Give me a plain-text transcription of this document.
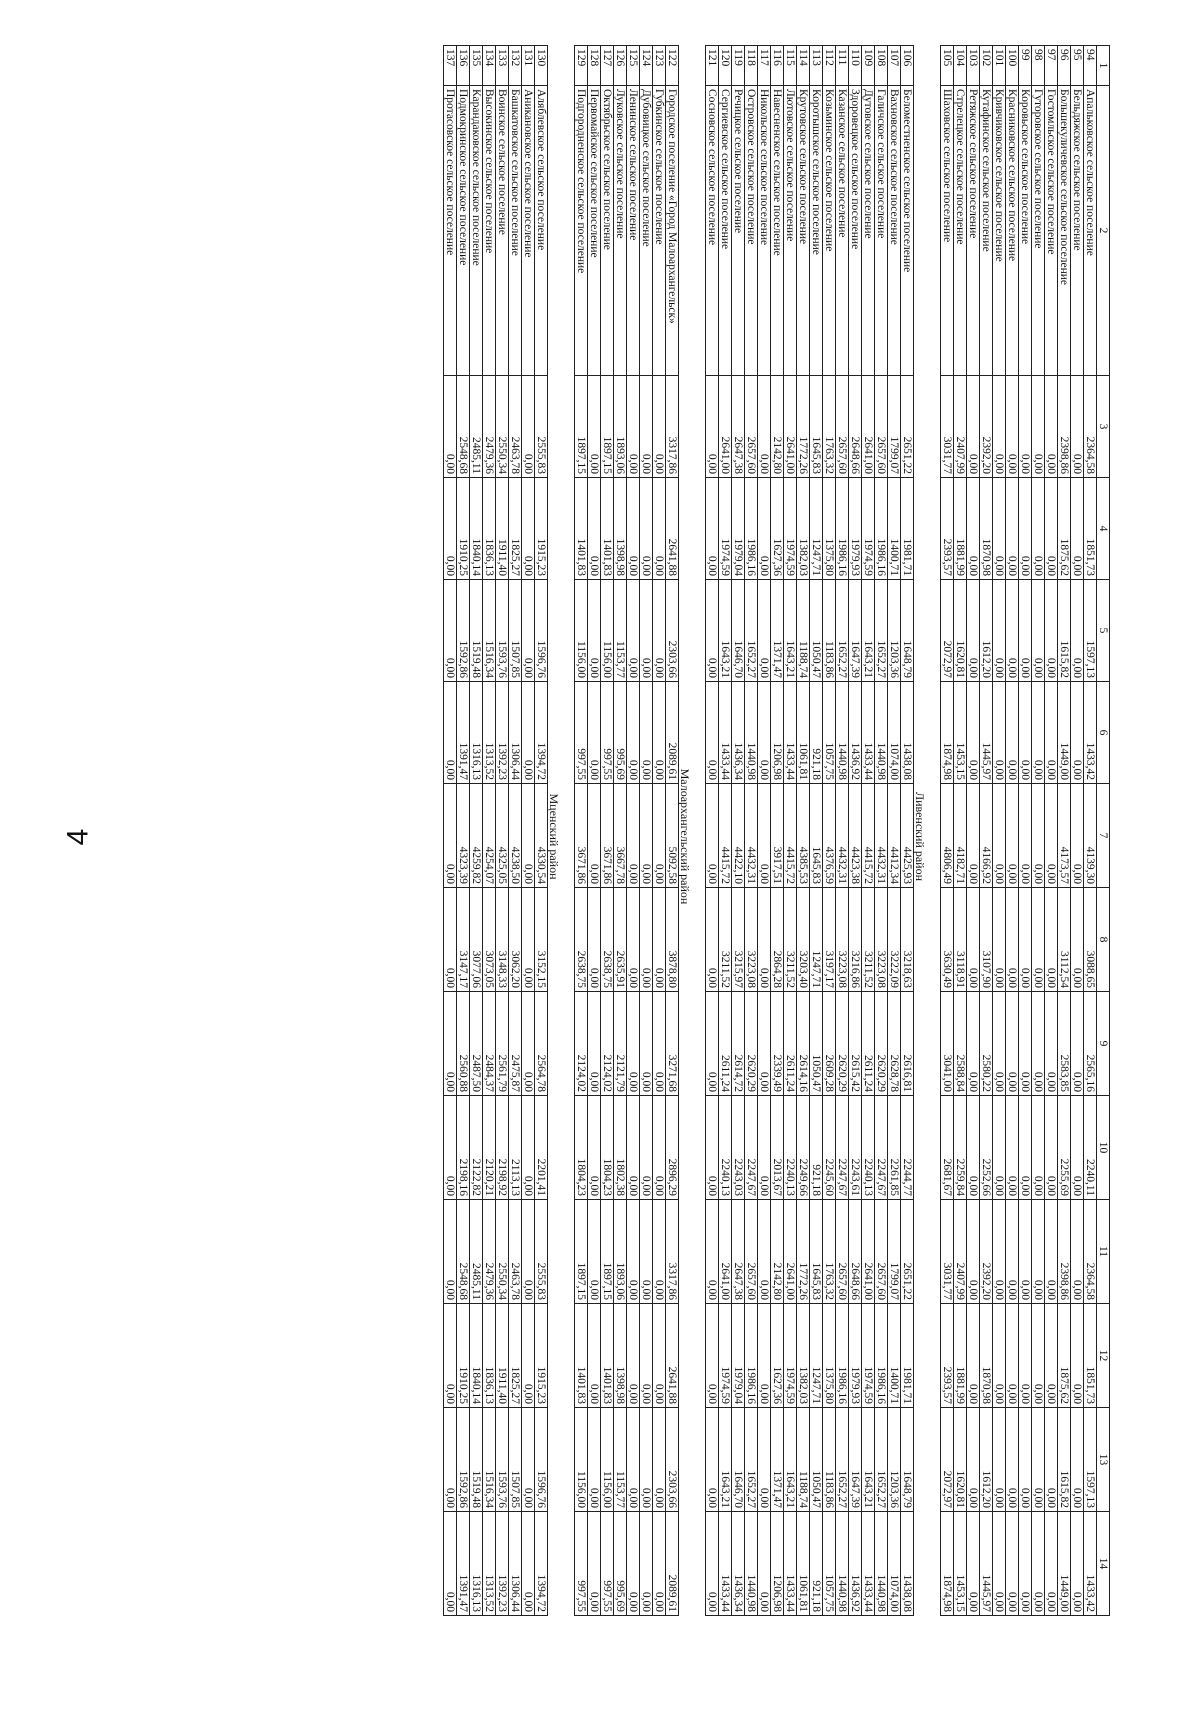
4
1	2	3	4	5	6	7	8	9	10	11	12	13	14
94	Апальковское сельское поселение	2364,58	1851,73	1597,13	1433,42	4139,30	3088,65	2565,16	2240,11	2364,58	1851,73	1597,13	1433,42
95	Бельдяжское сельское поселение	0,00	0,00	0,00	0,00	0,00	0,00	0,00	0,00	0,00	0,00	0,00	0,00
96	Большекуличевское сельское поселение	2398,86	1875,62	1615,82	1449,00	4173,57	3112,54	2583,85	2255,69	2398,86	1875,62	1615,82	1449,00
97	Гостомльское сельское поселение	0,00	0,00	0,00	0,00	0,00	0,00	0,00	0,00	0,00	0,00	0,00	0,00
98	Гуторовское сельское поселение	0,00	0,00	0,00	0,00	0,00	0,00	0,00	0,00	0,00	0,00	0,00	0,00
99	Коровьское сельское поселение	0,00	0,00	0,00	0,00	0,00	0,00	0,00	0,00	0,00	0,00	0,00	0,00
100	Красниковское сельское поселение	0,00	0,00	0,00	0,00	0,00	0,00	0,00	0,00	0,00	0,00	0,00	0,00
101	Кривчиковское сельское поселение	0,00	0,00	0,00	0,00	0,00	0,00	0,00	0,00	0,00	0,00	0,00	0,00
102	Кутафинское сельское поселение	2392,20	1870,98	1612,20	1445,97	4166,92	3107,90	2580,22	2252,66	2392,20	1870,98	1612,20	1445,97
103	Ретяжское сельское поселение	0,00	0,00	0,00	0,00	0,00	0,00	0,00	0,00	0,00	0,00	0,00	0,00
104	Стрелецкое сельское поселение	2407,99	1881,99	1620,81	1453,15	4182,71	3118,91	2588,84	2259,84	2407,99	1881,99	1620,81	1453,15
105	Шаховское сельское поселение	3031,77	2393,57	2072,97	1874,98	4806,49	3630,49	3041,00	2681,67	3031,77	2393,57	2072,97	1874,98

					Ливенский район								
106	Беломестненское сельское поселение	2651,22	1981,71	1648,79	1438,08	4425,93	3218,63	2616,81	2244,77	2651,22	1981,71	1648,79	1438,08
107	Вахновское сельское поселение	1799,07	1400,71	1203,36	1074,00	4412,34	3222,09	2628,78	2261,85	1799,07	1400,71	1203,36	1074,00
108	Галичское сельское поселение	2657,60	1986,16	1652,27	1440,98	4432,31	3223,08	2620,29	2247,67	2657,60	1986,16	1652,27	1440,98
109	Дутовское сельское поселение	2641,00	1974,59	1643,21	1433,44	4415,72	3211,52	2611,24	2240,13	2641,00	1974,59	1643,21	1433,44
110	Здоровецкое сельское поселение	2648,66	1979,93	1647,39	1436,92	4423,38	3216,86	2615,42	2243,61	2648,66	1979,93	1647,39	1436,92
111	Казанское сельское поселение	2657,60	1986,16	1652,27	1440,98	4432,31	3223,08	2620,29	2247,67	2657,60	1986,16	1652,27	1440,98
112	Козьминское сельское поселение	1763,32	1375,80	1183,86	1057,75	4376,59	3197,17	2609,28	2245,60	1763,32	1375,80	1183,86	1057,75
113	Коротышское сельское поселение	1645,83	1247,71	1050,47	921,18	1645,83	1247,71	1050,47	921,18	1645,83	1247,71	1050,47	921,18
114	Крутовское сельское поселение	1772,26	1382,03	1188,74	1061,81	4385,53	3203,40	2614,16	2249,66	1772,26	1382,03	1188,74	1061,81
115	Лютовское сельское поселение	2641,00	1974,59	1643,21	1433,44	4415,72	3211,52	2611,24	2240,13	2641,00	1974,59	1643,21	1433,44
116	Навесненское сельское поселение	2142,80	1627,36	1371,47	1206,98	3917,51	2864,28	2339,49	2013,67	2142,80	1627,36	1371,47	1206,98
117	Никольское сельское поселение	0,00	0,00	0,00	0,00	0,00	0,00	0,00	0,00	0,00	0,00	0,00	0,00
118	Островское сельское поселение	2657,60	1986,16	1652,27	1440,98	4432,31	3223,08	2620,29	2247,67	2657,60	1986,16	1652,27	1440,98
119	Речицкое сельское поселение	2647,38	1979,04	1646,70	1436,34	4422,10	3215,97	2614,72	2243,03	2647,38	1979,04	1646,70	1436,34
120	Сергиевское сельское поселение	2641,00	1974,59	1643,21	1433,44	4415,72	3211,52	2611,24	2240,13	2641,00	1974,59	1643,21	1433,44
121	Сосновское сельское поселение	0,00	0,00	0,00	0,00	0,00	0,00	0,00	0,00	0,00	0,00	0,00	0,00

					Малоархангельский район								
122	Городское поселение «Город Малоархангельск»	3317,86	2641,88	2303,66	2089,61	5092,58	3878,80	3271,68	2896,29	3317,86	2641,88	2303,66	2089,61
123	Губкинское сельское поселение	0,00	0,00	0,00	0,00	0,00	0,00	0,00	0,00	0,00	0,00	0,00	0,00
124	Дубовицкое сельское поселение	0,00	0,00	0,00	0,00	0,00	0,00	0,00	0,00	0,00	0,00	0,00	0,00
125	Ленинское сельское поселение	0,00	0,00	0,00	0,00	0,00	0,00	0,00	0,00	0,00	0,00	0,00	0,00
126	Луковское сельское поселение	1893,06	1398,98	1153,77	995,69	3667,78	2635,91	2121,79	1802,38	1893,06	1398,98	1153,77	995,69
127	Октябрьское сельское поселение	1897,15	1401,83	1156,00	997,55	3671,86	2638,75	2124,02	1804,23	1897,15	1401,83	1156,00	997,55
128	Первомайское сельское поселение	0,00	0,00	0,00	0,00	0,00	0,00	0,00	0,00	0,00	0,00	0,00	0,00
129	Подгородненское сельское поселение	1897,15	1401,83	1156,00	997,55	3671,86	2638,75	2124,02	1804,23	1897,15	1401,83	1156,00	997,55

					Мценский район								
130	Аляблевское сельское поселение	2555,83	1915,23	1596,76	1394,72	4330,54	3152,15	2564,78	2201,41	2555,83	1915,23	1596,76	1394,72
131	Аникановское сельское поселение	0,00	0,00	0,00	0,00	0,00	0,00	0,00	0,00	0,00	0,00	0,00	0,00
132	Башкатовское сельское поселение	2463,78	1825,27	1507,85	1306,44	4238,50	3062,20	2475,87	2113,13	2463,78	1825,27	1507,85	1306,44
133	Воинское сельское поселение	2550,34	1911,40	1593,76	1392,23	4325,05	3148,33	2561,79	2198,92	2550,34	1911,40	1593,76	1392,23
134	Высокинское сельское поселение	2479,36	1836,13	1516,34	1313,52	4254,07	3073,05	2484,37	2120,21	2479,36	1836,13	1516,34	1313,52
135	Карандаковское сельское поселение	2485,11	1840,14	1519,48	1316,13	4259,82	3077,06	2487,50	2122,82	2485,11	1840,14	1519,48	1316,13
136	Подмокринское сельское поселение	2548,68	1910,25	1592,86	1391,47	4323,39	3147,17	2560,88	2198,16	2548,68	1910,25	1592,86	1391,47
137	Протасовское сельское поселение	0,00	0,00	0,00	0,00	0,00	0,00	0,00	0,00	0,00	0,00	0,00	0,00
